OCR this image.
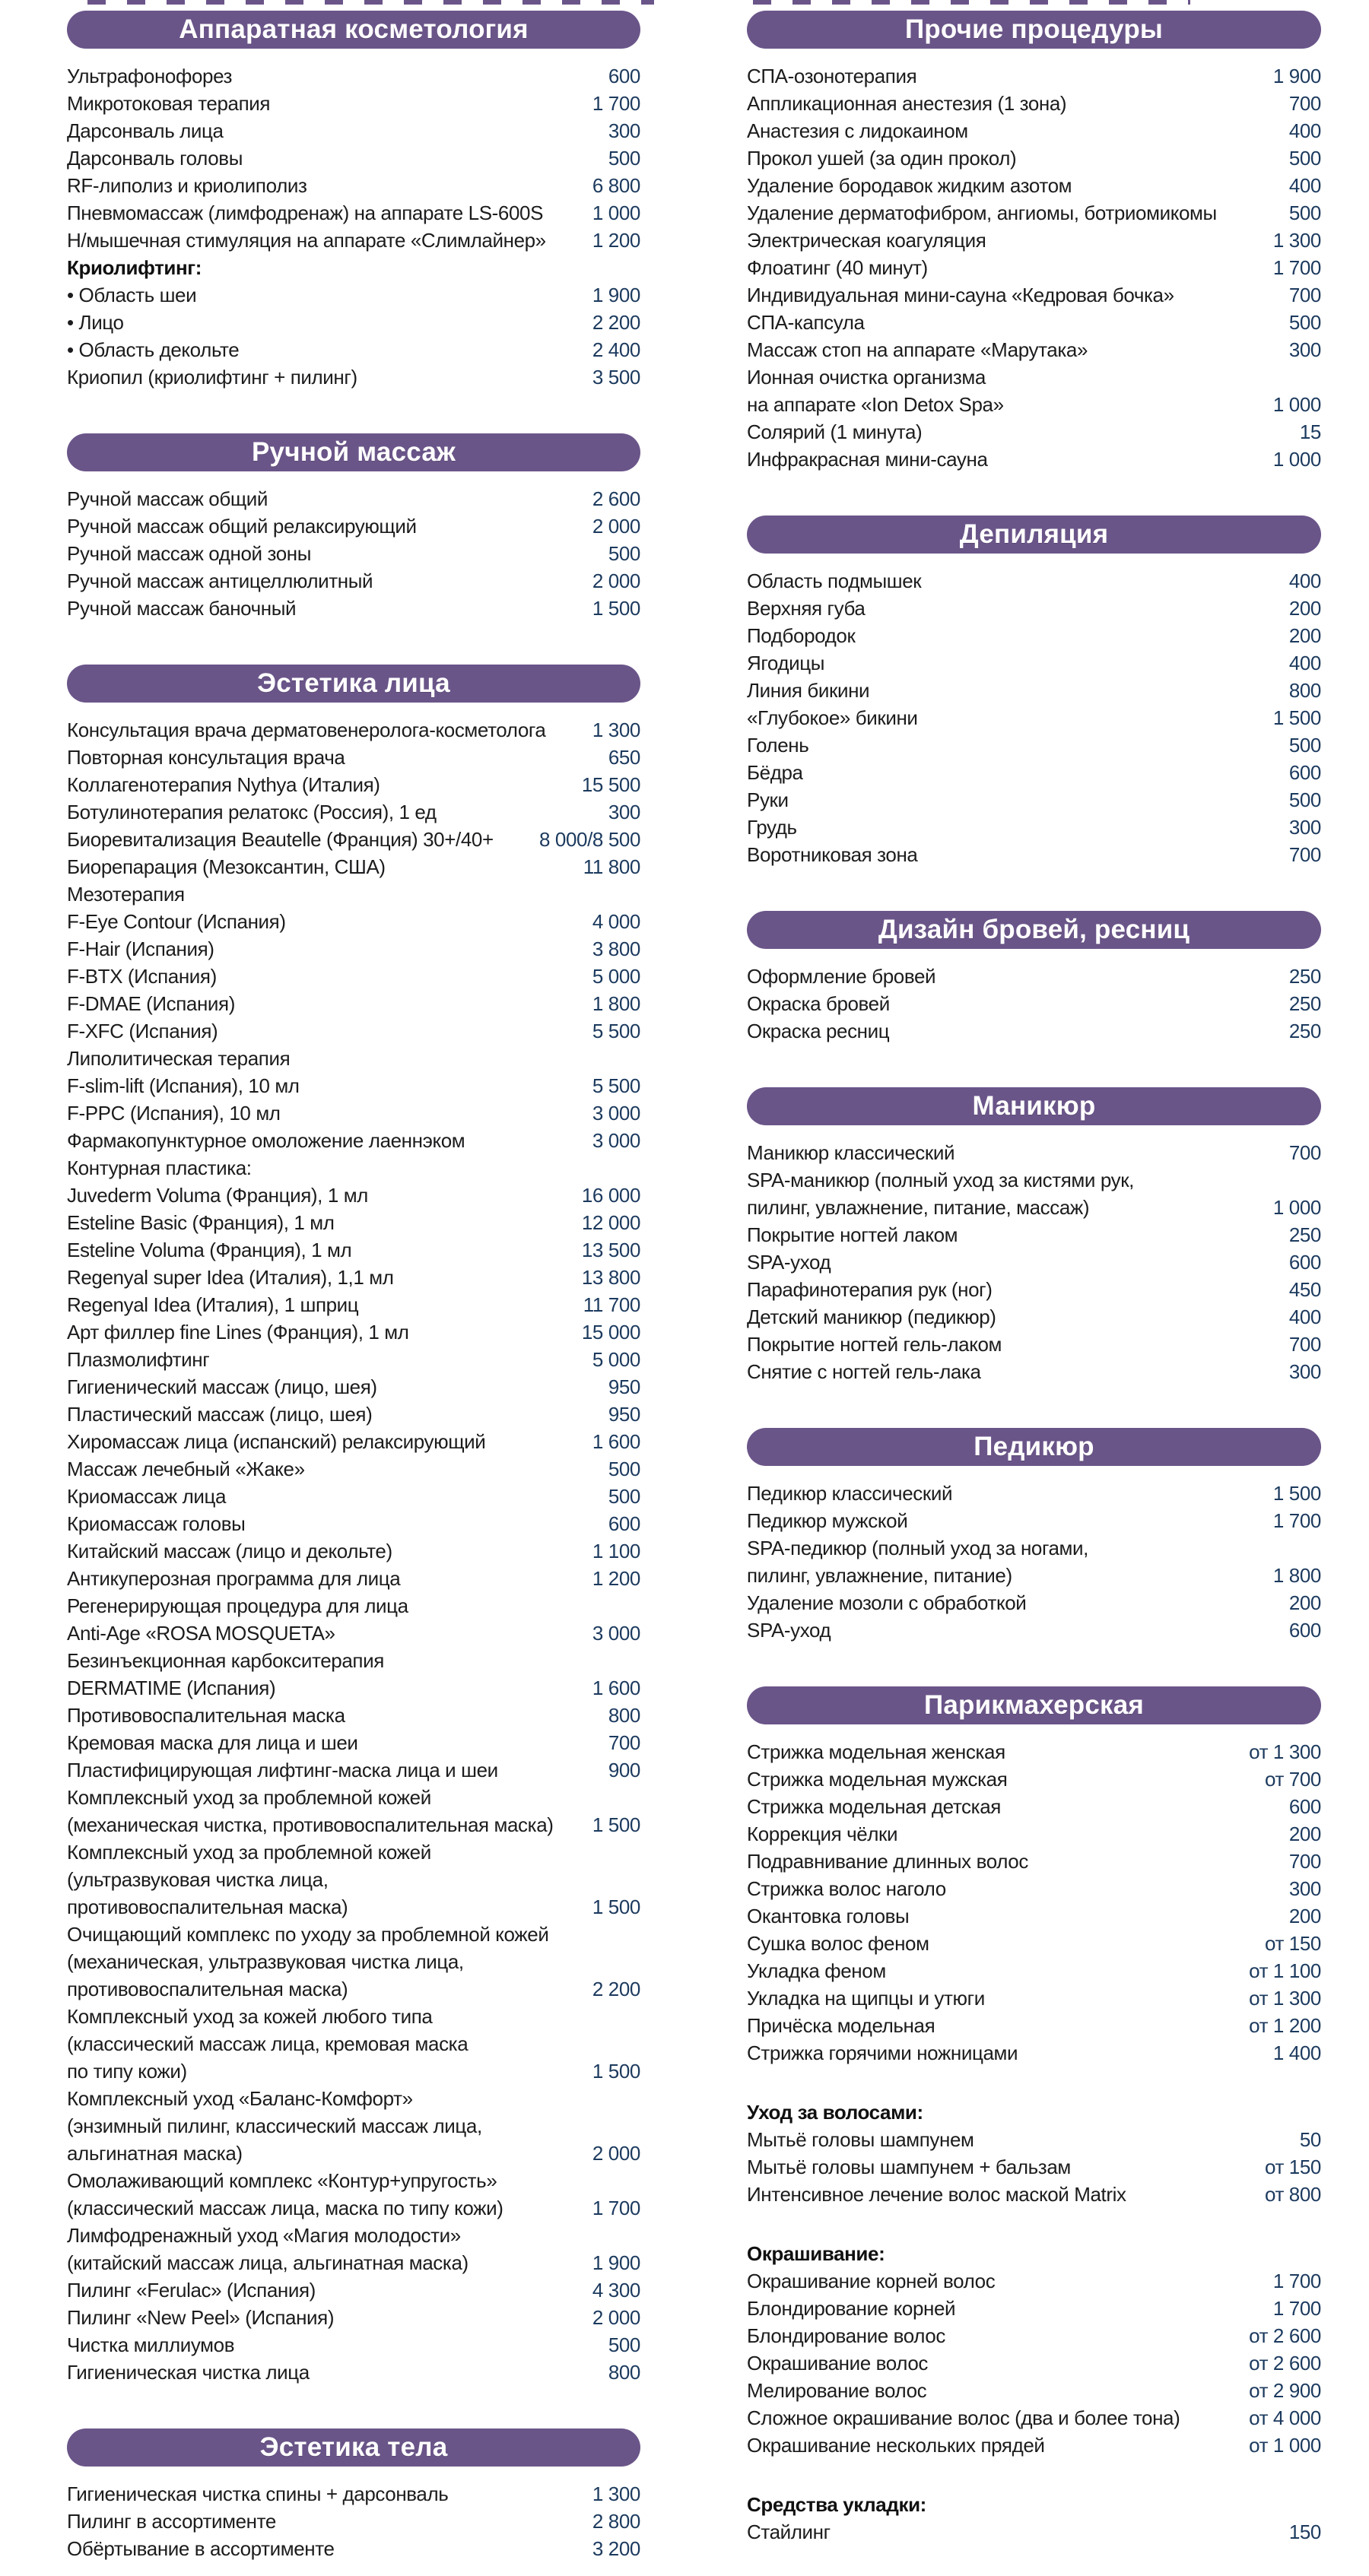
Аппаратная косметология
Ультрафонофорез	600
Микротоковая терапия	1 700
Дарсонваль лица	300
Дарсонваль головы	500
RF-липолиз и криолиполиз	6 800
Пневмомассаж (лимфодренаж) на аппарате LS-600S	1 000
Н/мышечная стимуляция на аппарате «Слимлайнер»	1 200
Криолифтинг:
• Область шеи	1 900
• Лицо	2 200
• Область декольте	2 400
Криопил (криолифтинг + пилинг)	3 500
Ручной массаж
Ручной массаж общий	2 600
Ручной массаж общий релаксирующий	2 000
Ручной массаж одной зоны	500
Ручной массаж антицеллюлитный	2 000
Ручной массаж баночный	1 500
Эстетика лица
Консультация врача дерматовенеролога-косметолога	1 300
Повторная консультация врача	650
Коллагенотерапия Nythya (Италия)	15 500
Ботулинотерапия релатокс (Россия), 1 ед	300
Биоревитализация Beautelle (Франция) 30+/40+	8 000/8 500
Биорепарация (Мезоксантин, США)	11 800
Мезотерапия
F-Eye Contour (Испания)	4 000
F-Hair (Испания)	3 800
F-BTX (Испания)	5 000
F-DMAE (Испания)	1 800
F-XFC (Испания)	5 500
Липолитическая терапия
F-slim-lift (Испания), 10 мл	5 500
F-PPC (Испания), 10 мл	3 000
Фармакопунктурное омоложение лаеннэком	3 000
Контурная пластика:
Juvederm Voluma (Франция), 1 мл	16 000
Esteline Basic (Франция), 1 мл	12 000
Esteline Voluma (Франция), 1 мл	13 500
Regenyal super Idea (Италия), 1,1 мл	13 800
Regenyal Idea (Италия), 1 шприц	11 700
Арт филлер fine Lines (Франция), 1 мл	15 000
Плазмолифтинг	5 000
Гигиенический массаж (лицо, шея)	950
Пластический массаж (лицо, шея)	950
Хиромассаж лица (испанский) релаксирующий	1 600
Массаж лечебный «Жаке»	500
Криомассаж лица	500
Криомассаж головы	600
Китайский массаж (лицо и декольте)	1 100
Антикуперозная программа для лица	1 200
Регенерирующая процедура для лица
Anti-Age «ROSA MOSQUETA»	3 000
Безинъекционная карбокситерапия
DERMATIME (Испания)	1 600
Противовоспалительная маска	800
Кремовая маска для лица и шеи	700
Пластифицирующая лифтинг-маска лица и шеи	900
Комплексный уход за проблемной кожей
(механическая чистка, противовоспалительная маска)	1 500
Комплексный уход за проблемной кожей
(ультразвуковая чистка лица,
противовоспалительная маска)	1 500
Очищающий комплекс по уходу за проблемной кожей
(механическая, ультразвуковая чистка лица,
противовоспалительная маска)	2 200
Комплексный уход за кожей любого типа
(классический массаж лица, кремовая маска
по типу кожи)	1 500
Комплексный уход «Баланс-Комфорт»
(энзимный пилинг, классический массаж лица,
альгинатная маска)	2 000
Омолаживающий комплекс «Контур+упругость»
(классический массаж лица, маска по типу кожи)	1 700
Лимфодренажный уход «Магия молодости»
(китайский массаж лица, альгинатная маска)	1 900
Пилинг «Ferulac» (Испания)	4 300
Пилинг «New Peel» (Испания)	2 000
Чистка миллиумов	500
Гигиеническая чистка лица	800
Эстетика тела
Гигиеническая чистка спины + дарсонваль	1 300
Пилинг в ассортименте	2 800
Обёртывание в ассортименте	3 200
Прочие процедуры
СПА-озонотерапия	1 900
Аппликационная анестезия (1 зона)	700
Анастезия с лидокаином	400
Прокол ушей (за один прокол)	500
Удаление бородавок жидким азотом	400
Удаление дерматофибром, ангиомы, ботриомикомы	500
Электрическая коагуляция	1 300
Флоатинг (40 минут)	1 700
Индивидуальная мини-сауна «Кедровая бочка»	700
СПА-капсула	500
Массаж стоп на аппарате «Марутака»	300
Ионная очистка организма
на аппарате «Ion Detox Spa»	1 000
Солярий (1 минута)	15
Инфракрасная мини-сауна	1 000
Депиляция
Область подмышек	400
Верхняя губа	200
Подбородок	200
Ягодицы	400
Линия бикини	800
«Глубокое» бикини	1 500
Голень	500
Бёдра	600
Руки	500
Грудь	300
Воротниковая зона	700
Дизайн бровей, ресниц
Оформление бровей	250
Окраска бровей	250
Окраска ресниц	250
Маникюр
Маникюр классический	700
SPA-маникюр (полный уход за кистями рук,
пилинг, увлажнение, питание, массаж)	1 000
Покрытие ногтей лаком	250
SPA-уход	600
Парафинотерапия рук (ног)	450
Детский маникюр (педикюр)	400
Покрытие ногтей гель-лаком	700
Снятие с ногтей гель-лака	300
Педикюр
Педикюр классический	1 500
Педикюр мужской	1 700
SPA-педикюр (полный уход за ногами,
пилинг, увлажнение, питание)	1 800
Удаление мозоли с обработкой	200
SPA-уход	600
Парикмахерская
Стрижка модельная женская	от 1 300
Стрижка модельная мужская	от 700
Стрижка модельная детская	600
Коррекция чёлки	200
Подравнивание длинных волос	700
Стрижка волос наголо	300
Окантовка головы	200
Сушка волос феном	от 150
Укладка феном	от 1 100
Укладка на щипцы и утюги	от 1 300
Причёска модельная	от 1 200
Стрижка горячими ножницами	1 400
Уход за волосами:
Мытьё головы шампунем	50
Мытьё головы шампунем + бальзам	от 150
Интенсивное лечение волос маской Matrix	от 800
Окрашивание:
Окрашивание корней волос	1 700
Блондирование корней	1 700
Блондирование волос	от 2 600
Окрашивание волос	от 2 600
Мелирование волос	от 2 900
Сложное окрашивание волос (два и более тона)	от 4 000
Окрашивание нескольких прядей	от 1 000
Средства укладки:
Стайлинг	150
